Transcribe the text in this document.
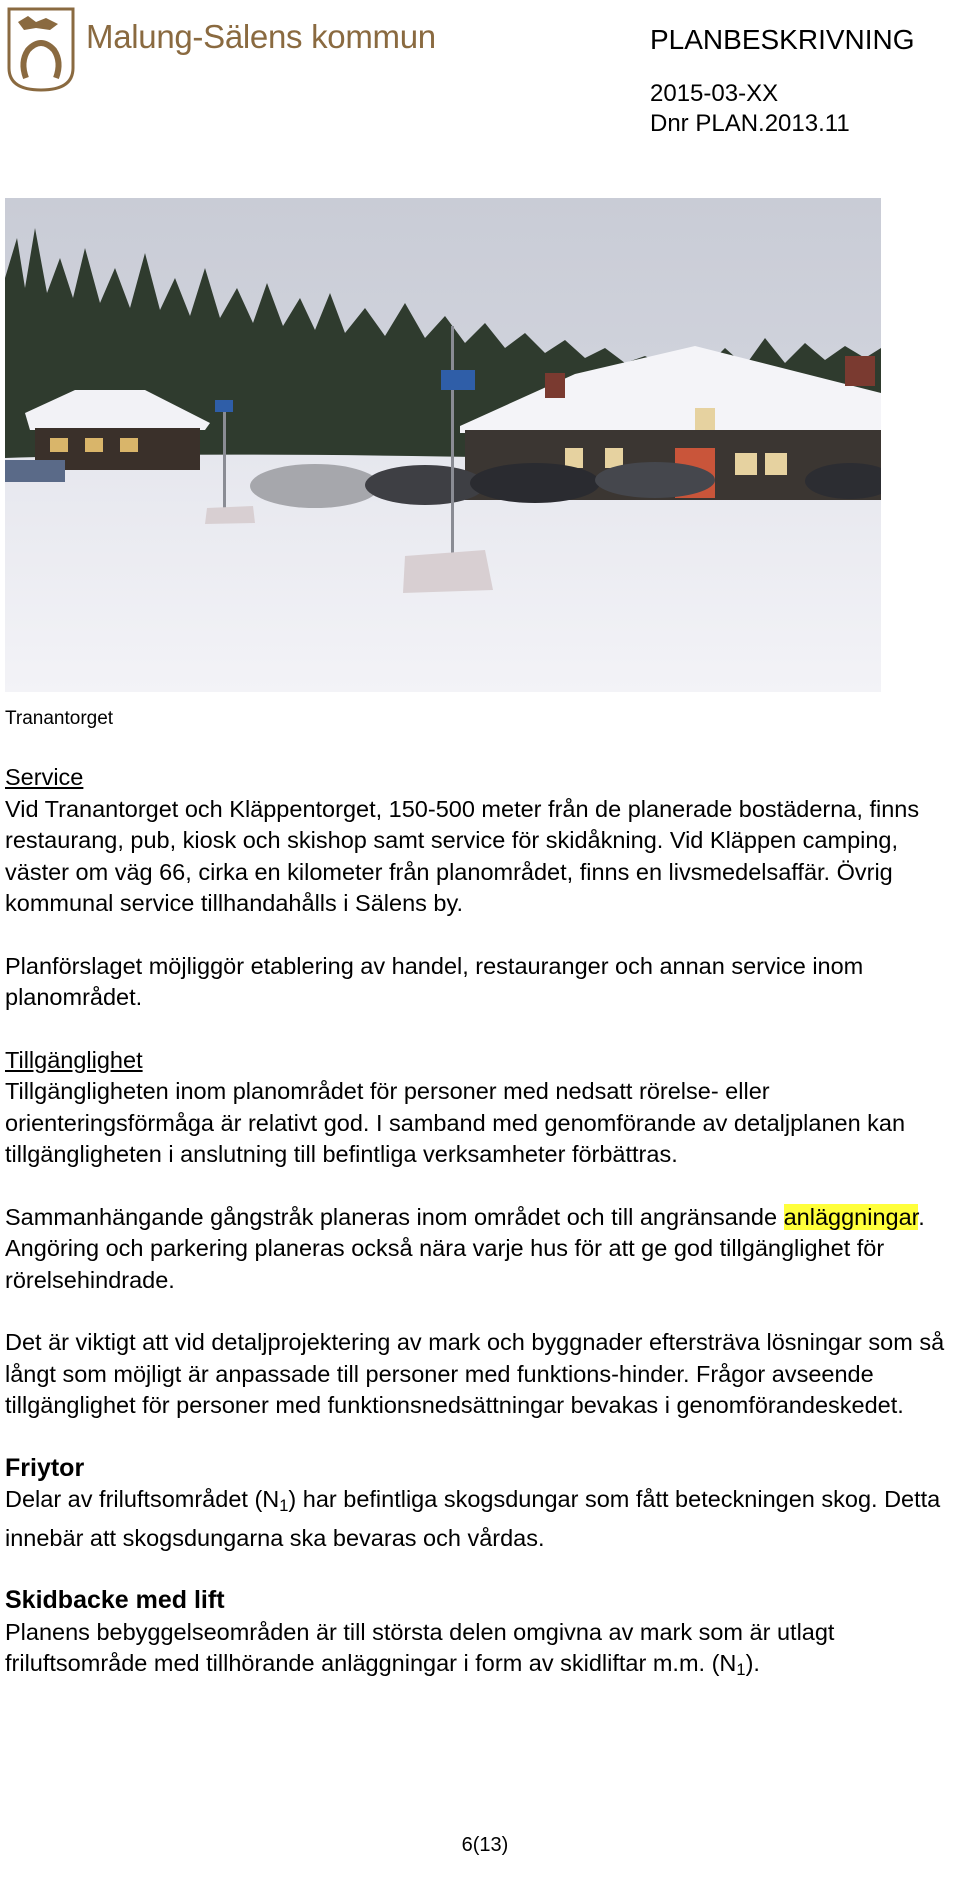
Malung-Sälens kommun	PLANBESKRIVNING
2015-03-XX
Dnr PLAN.2013.11
Tranantorget

Service
Vid Tranantorget och Kläppentorget, 150-500 meter från de planerade bostäderna, finns restaurang, pub, kiosk och skishop samt service för skidåkning. Vid Kläppen camping, väster om väg 66, cirka en kilometer från planområdet, finns en livsmedelsaffär. Övrig kommunal service tillhandahålls i Sälens by.

Planförslaget möjliggör etablering av handel, restauranger och annan service inom planområdet.

Tillgänglighet
Tillgängligheten inom planområdet för personer med nedsatt rörelse- eller orienteringsförmåga är relativt god. I samband med genomförande av detaljplanen kan tillgängligheten i anslutning till befintliga verksamheter förbättras.

Sammanhängande gångstråk planeras inom området och till angränsande anläggningar. Angöring och parkering planeras också nära varje hus för att ge god tillgänglighet för rörelsehindrade.

Det är viktigt att vid detaljprojektering av mark och byggnader eftersträva lösningar som så långt som möjligt är anpassade till personer med funktions-hinder. Frågor avseende tillgänglighet för personer med funktionsnedsättningar bevakas i genomförandeskedet.

Friytor

Delar av friluftsområdet $(N_1)$ har befintliga skogsdungar som fått beteckningen skog. Detta innebär att skogsdungarna ska bevaras och vårdas.

Skidbacke med lift

Planens bebyggelseområden är till största delen omgivna av mark som är utlagt friluftsområde med tillhörande anläggningar i form av skidliftar m.m. $(N_1)$.

6(13)
